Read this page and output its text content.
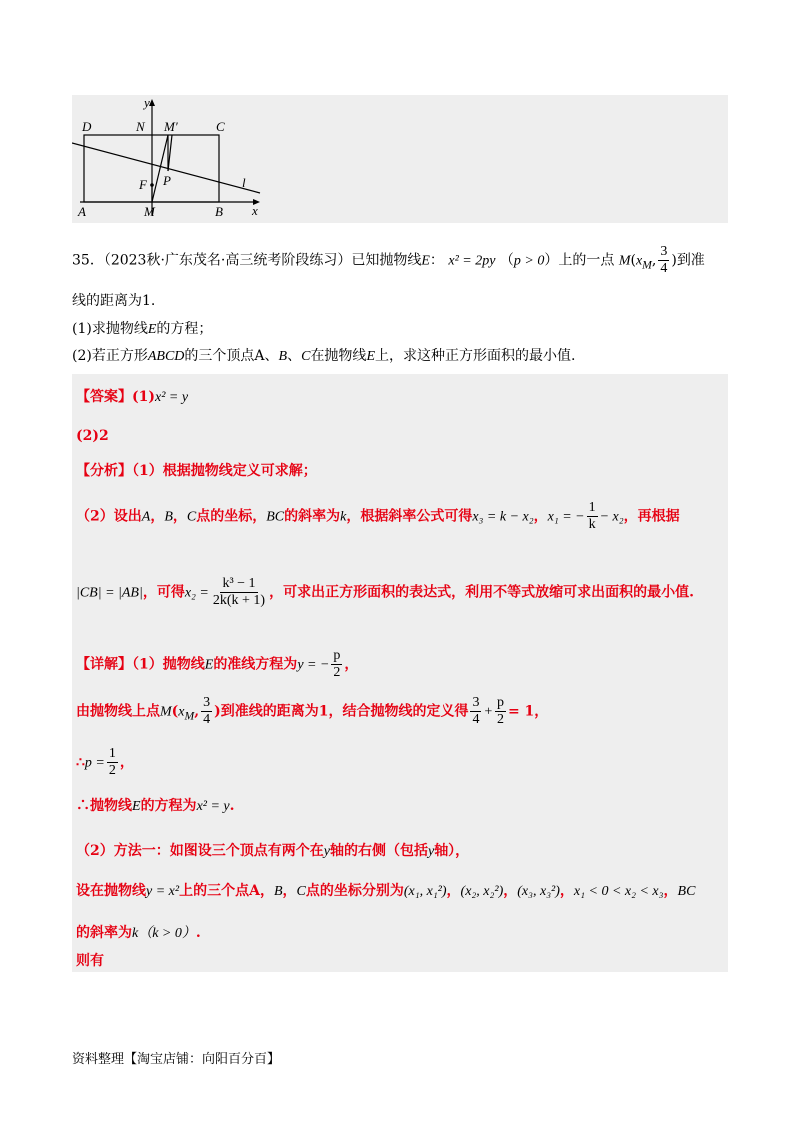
y
x
D	N M′	C
F P	l
A	M	B
35．（2023秋·广东茂名·高三统考阶段练习）已知抛物线E： x² = 2py （p > 0）上的一点 $M(x_M$, $\frac{3}{4}$ )到准
线的距离为1.
(1)求抛物线E的方程；
(2)若正方形ABCD的三个顶点A、B、C在抛物线E上，求这种正方形面积的最小值.
【答案】(1)x² = y
(2)2
【分析】（1）根据抛物线定义可求解；
（2）设出A，B，C点的坐标，BC的斜率为k，根据斜率公式可得x₃ = k − x₂，x₁ = − $\frac{1}{k} - x_2$，再根据
|CB| = |AB|，可得$x_2 = \frac{\text{k³ − 1}}{2k(k + 1)}$ ，可求出正方形面积的表达式，利用不等式放缩可求出面积的最小值.
【详解】（1）抛物线E的准线方程为y = − $\frac{p}{2}$ ，
由抛物线上点$M(x_M$, $\frac{3}{4}$ )到准线的距离为1，结合抛物线的定义得 $\frac{3}{4} + \frac{p}{2} = 1$，
∴p = $\frac{1}{2}$ ，
∴抛物线E的方程为x² = y.
（2）方法一：如图设三个顶点有两个在y轴的右侧（包括y轴），
设在抛物线y = x²上的三个点A，B，C点的坐标分别为(x₁, x₁²)，(x₂, x₂²)，(x₃, x₃²)，x₁ < 0 < x₂ < x₃，BC
的斜率为k（k > 0）.
则有
资料整理【淘宝店铺：向阳百分百】
